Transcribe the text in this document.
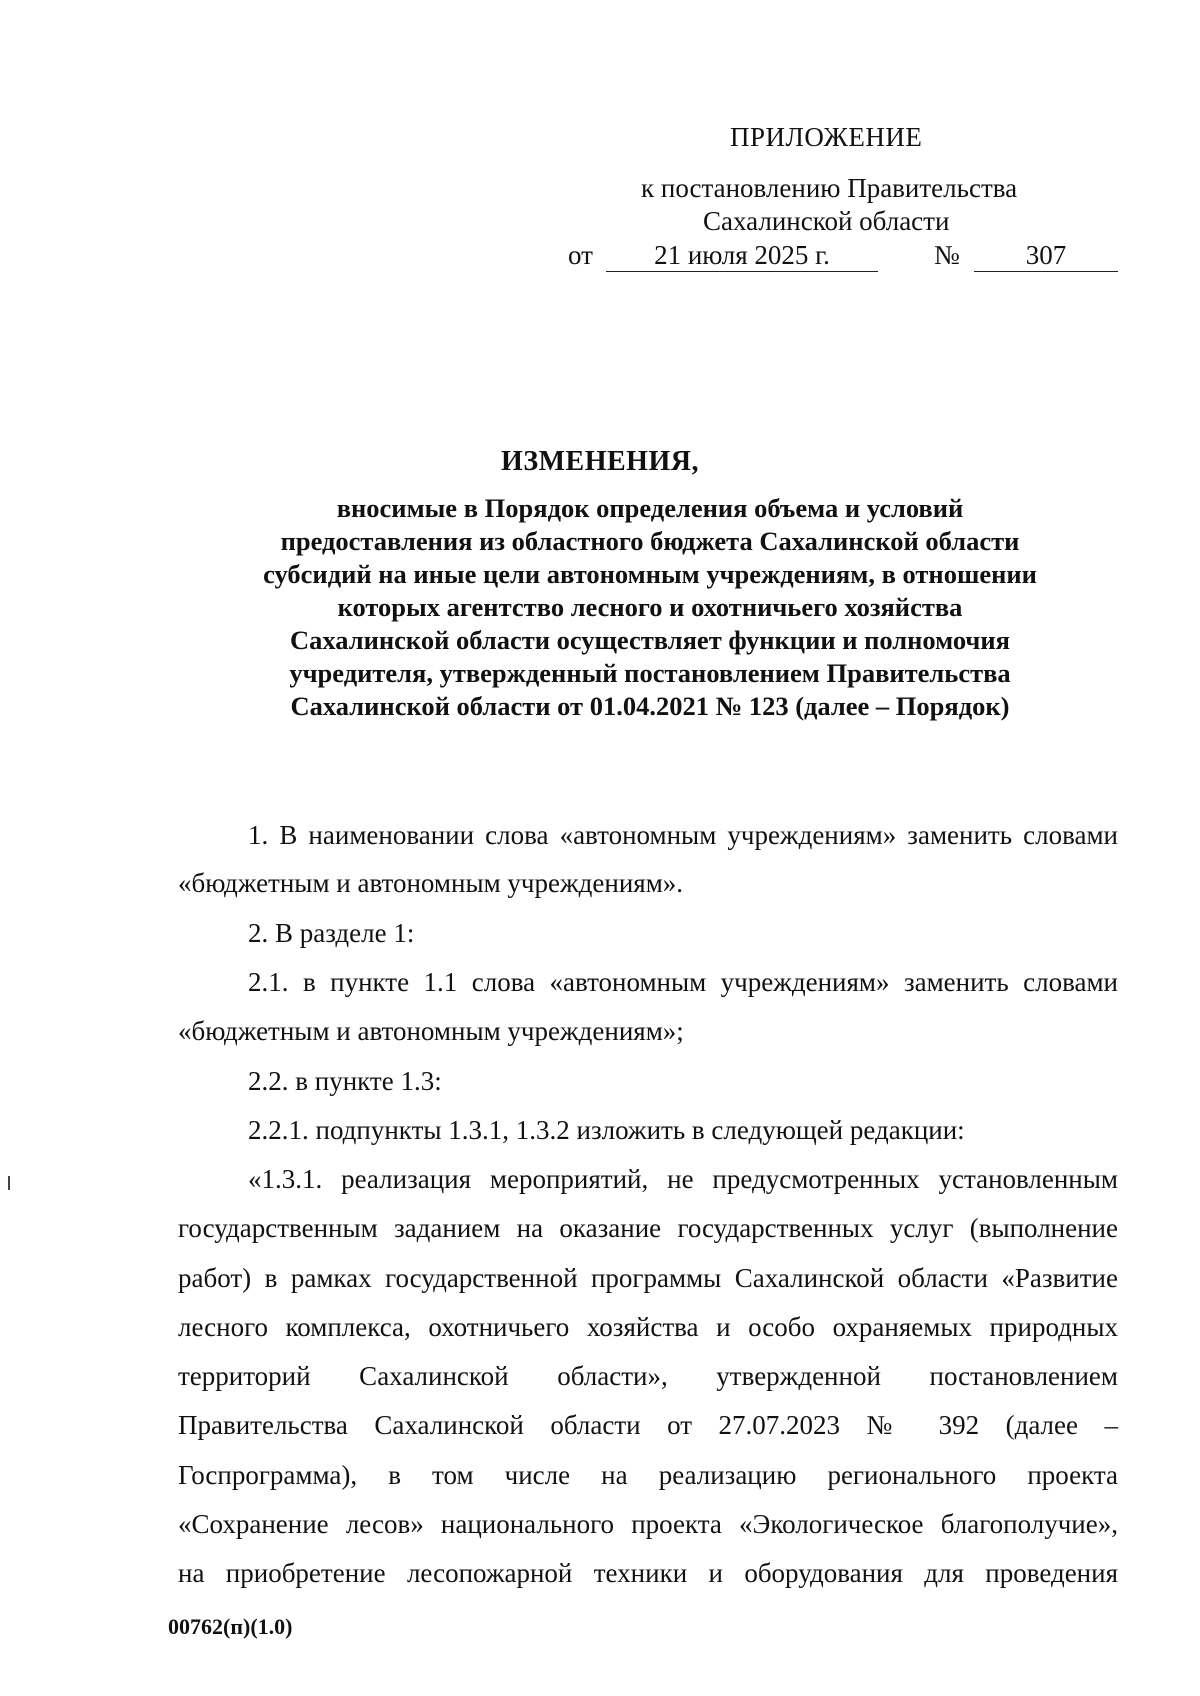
ПРИЛОЖЕНИЕ
к постановлению Правительства
Сахалинской области
от	21 июля 2025 г.	№	307
ИЗМЕНЕНИЯ,
вносимые в Порядок определения объема и условий
предоставления из областного бюджета Сахалинской области
субсидий на иные цели автономным учреждениям, в отношении
которых агентство лесного и охотничьего хозяйства
Сахалинской области осуществляет функции и полномочия
учредителя, утвержденный постановлением Правительства
Сахалинской области от 01.04.2021 № 123 (далее – Порядок)
1. В наименовании слова «автономным учреждениям» заменить словами
«бюджетным и автономным учреждениям».
2. В разделе 1:
2.1. в пункте 1.1 слова «автономным учреждениям» заменить словами
«бюджетным и автономным учреждениям»;
2.2. в пункте 1.3:
2.2.1. подпункты 1.3.1, 1.3.2 изложить в следующей редакции:
«1.3.1. реализация мероприятий, не предусмотренных установленным
государственным заданием на оказание государственных услуг (выполнение
работ) в рамках государственной программы Сахалинской области «Развитие
лесного комплекса, охотничьего хозяйства и особо охраняемых природных
территорий Сахалинской области», утвержденной постановлением
Правительства Сахалинской области от 27.07.2023 № 392 (далее –
Госпрограмма), в том числе на реализацию регионального проекта
«Сохранение лесов» национального проекта «Экологическое благополучие»,
на приобретение лесопожарной техники и оборудования для проведения
00762(п)(1.0)
